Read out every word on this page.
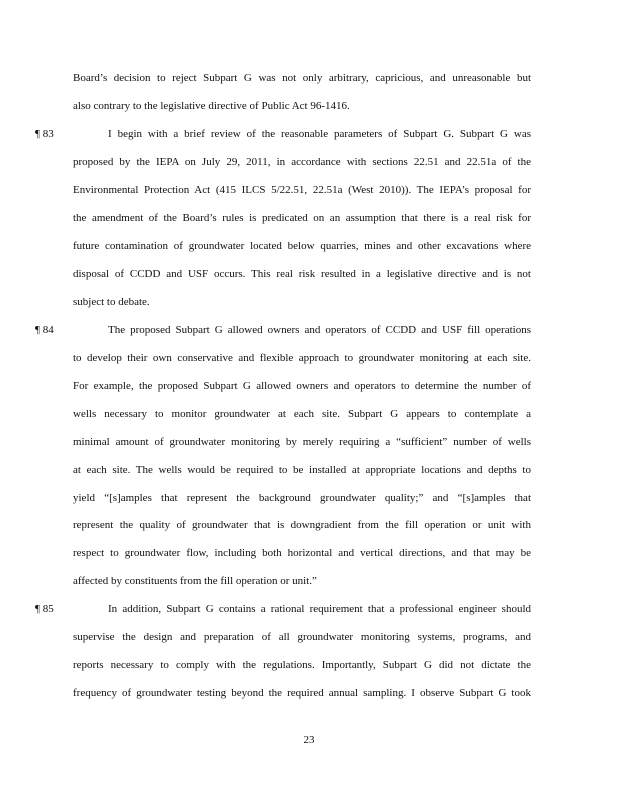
Board’s decision to reject Subpart G was not only arbitrary, capricious, and unreasonable but
also contrary to the legislative directive of Public Act 96-1416.
¶ 83	I begin with a brief review of the reasonable parameters of Subpart G. Subpart G was
proposed by the IEPA on July 29, 2011, in accordance with sections 22.51 and 22.51a of the
Environmental Protection Act (415 ILCS 5/22.51, 22.51a (West 2010)). The IEPA’s proposal for
the amendment of the Board’s rules is predicated on an assumption that there is a real risk for
future contamination of groundwater located below quarries, mines and other excavations where
disposal of CCDD and USF occurs. This real risk resulted in a legislative directive and is not
subject to debate.
¶ 84	The proposed Subpart G allowed owners and operators of CCDD and USF fill operations
to develop their own conservative and flexible approach to groundwater monitoring at each site.
For example, the proposed Subpart G allowed owners and operators to determine the number of
wells necessary to monitor groundwater at each site. Subpart G appears to contemplate a
minimal amount of groundwater monitoring by merely requiring a “sufficient” number of wells
at each site. The wells would be required to be installed at appropriate locations and depths to
yield “[s]amples that represent the background groundwater quality;” and “[s]amples that
represent the quality of groundwater that is downgradient from the fill operation or unit with
respect to groundwater flow, including both horizontal and vertical directions, and that may be
affected by constituents from the fill operation or unit.”
¶ 85	In addition, Subpart G contains a rational requirement that a professional engineer should
supervise the design and preparation of all groundwater monitoring systems, programs, and
reports necessary to comply with the regulations. Importantly, Subpart G did not dictate the
frequency of groundwater testing beyond the required annual sampling. I observe Subpart G took
23
